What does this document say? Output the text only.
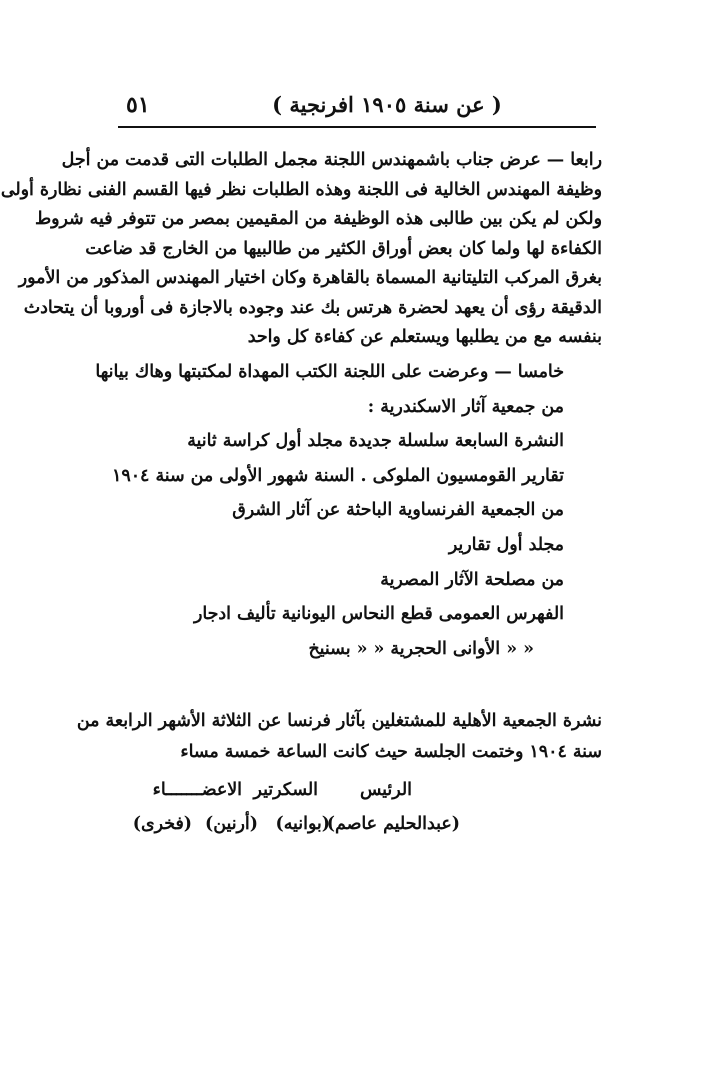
٥١	( عن سنة ١٩٠٥ افرنجية )

رابعا — عرض جناب باشمهندس اللجنة مجمل الطلبات التى قدمت من أجل
وظيفة المهندس الخالية فى اللجنة وهذه الطلبات نظر فيها القسم الفنى نظارة أولى
ولكن لم يكن بين طالبى هذه الوظيفة من المقيمين بمصر من تتوفر فيه شروط
الكفاءة لها ولما كان بعض أوراق الكثير من طالبيها من الخارج قد ضاعت
بغرق المركب التليتانية المسماة بالقاهرة وكان اختيار المهندس المذكور من الأمور
الدقيقة رؤى أن يعهد لحضرة هرتس بك عند وجوده بالاجازة فى أوروبا أن يتحادث
بنفسه مع من يطلبها ويستعلم عن كفاءة كل واحد

خامسا — وعرضت على اللجنة الكتب المهداة لمكتبتها وهاك بيانها
من جمعية آثار الاسكندرية :
النشرة السابعة سلسلة جديدة مجلد أول كراسة ثانية
تقارير القومسيون الملوكى . السنة شهور الأولى من سنة ١٩٠٤
من الجمعية الفرنساوية الباحثة عن آثار الشرق
مجلد أول تقارير
من مصلحة الآثار المصرية
الفهرس العمومى قطع النحاس اليونانية تأليف ادجار
« « الأوانى الحجرية « « بسنيخ
نشرة الجمعية الأهلية للمشتغلين بآثار فرنسا عن الثلاثة الأشهر الرابعة من
سنة ١٩٠٤ وختمت الجلسة حيث كانت الساعة خمسة مساء
الرئيس
السكرتير
الاعضـــــــاء
(عبدالحليم عاصم)
(بوانيه)
(أرنين)
(فخرى)
